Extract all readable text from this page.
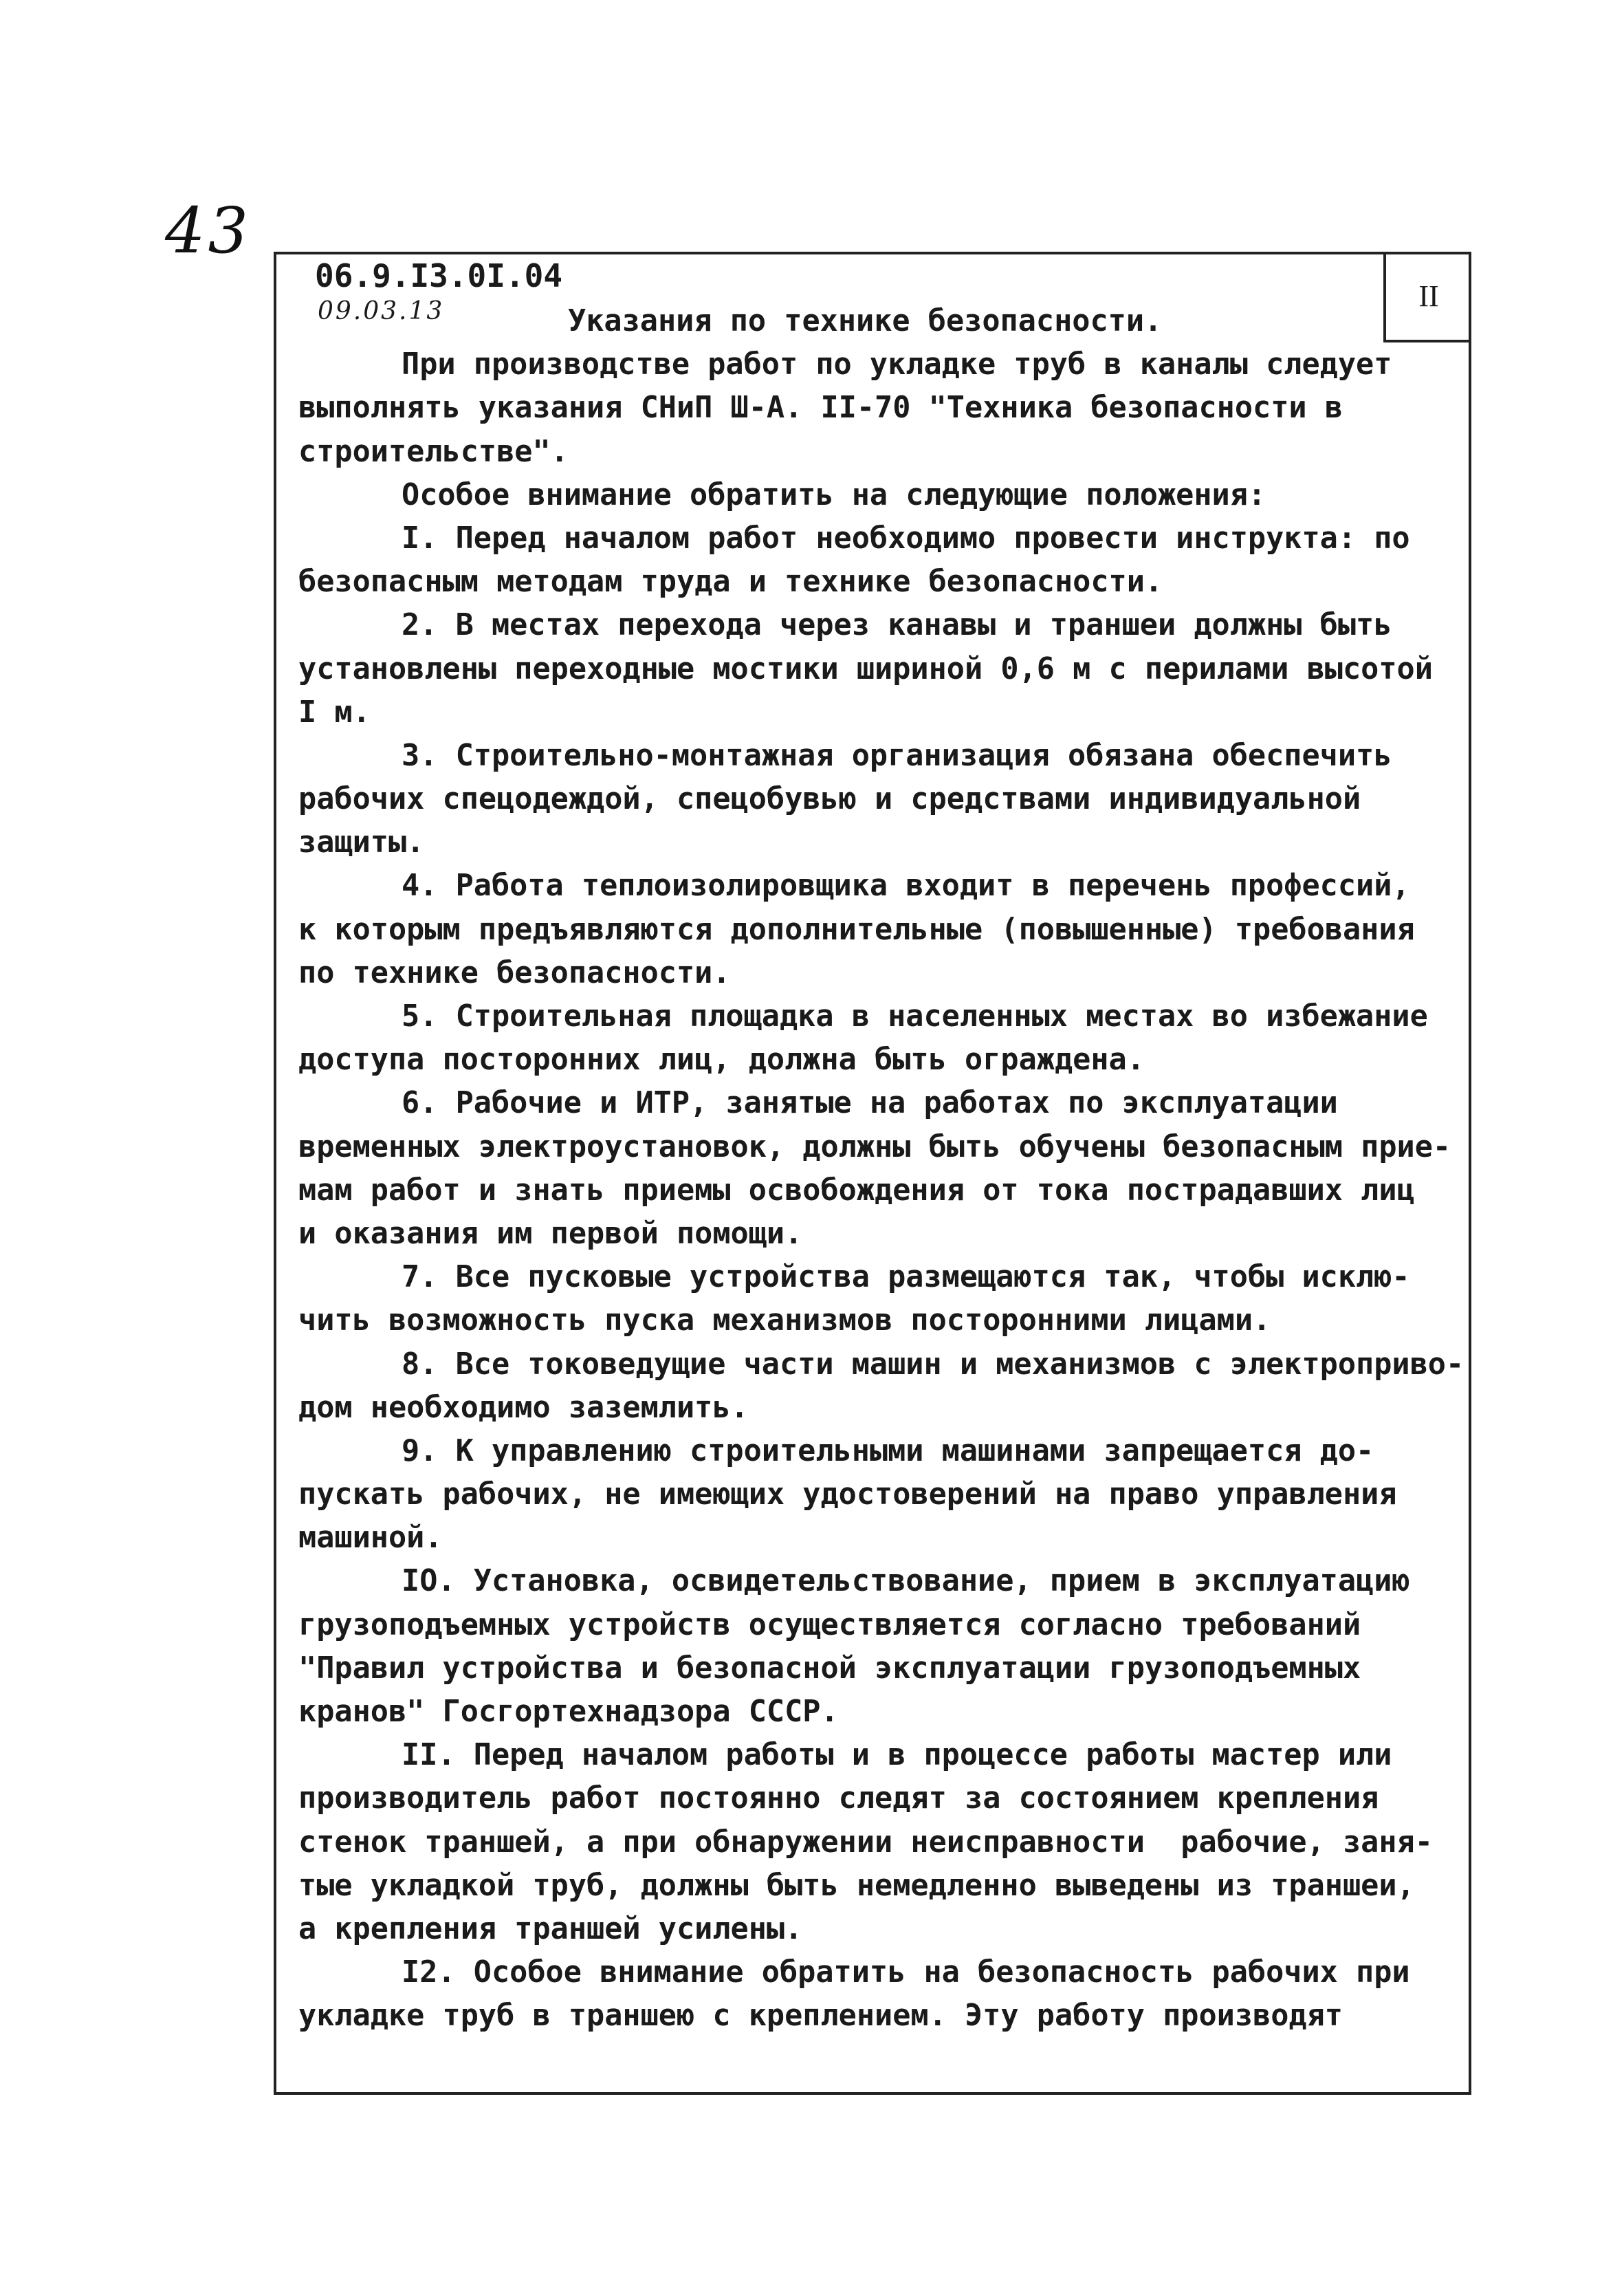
43
II
06.9.I3.0I.04
09.03.13	Указания по технике безопасности.
При производстве работ по укладке труб в каналы следует
выполнять указания СНиП Ш-А. II-70 "Техника безопасности в
строительстве".
Особое внимание обратить на следующие положения:
I. Перед началом работ необходимо провести инструкта: по
безопасным методам труда и технике безопасности.
2. В местах перехода через канавы и траншеи должны быть
установлены переходные мостики шириной 0,6 м с перилами высотой
I м.
3. Строительно-монтажная организация обязана обеспечить
рабочих спецодеждой, спецобувью и средствами индивидуальной
защиты.
4. Работа теплоизолировщика входит в перечень профессий,
к которым предъявляются дополнительные (повышенные) требования
по технике безопасности.
5. Строительная площадка в населенных местах во избежание
доступа посторонних лиц, должна быть ограждена.
6. Рабочие и ИТР, занятые на работах по эксплуатации
временных электроустановок, должны быть обучены безопасным прие-
мам работ и знать приемы освобождения от тока пострадавших лиц
и оказания им первой помощи.
7. Все пусковые устройства размещаются так, чтобы исклю-
чить возможность пуска механизмов посторонними лицами.
8. Все токоведущие части машин и механизмов с электроприво-
дом необходимо заземлить.
9. К управлению строительными машинами запрещается до-
пускать рабочих, не имеющих удостоверений на право управления
машиной.
IO. Установка, освидетельствование, прием в эксплуатацию
грузоподъемных устройств осуществляется согласно требований
"Правил устройства и безопасной эксплуатации грузоподъемных
кранов" Госгортехнадзора СССР.
II. Перед началом работы и в процессе работы мастер или
производитель работ постоянно следят за состоянием крепления
стенок траншей, а при обнаружении неисправности  рабочие, заня-
тые укладкой труб, должны быть немедленно выведены из траншеи,
а крепления траншей усилены.
I2. Особое внимание обратить на безопасность рабочих при
укладке труб в траншею с креплением. Эту работу производят
